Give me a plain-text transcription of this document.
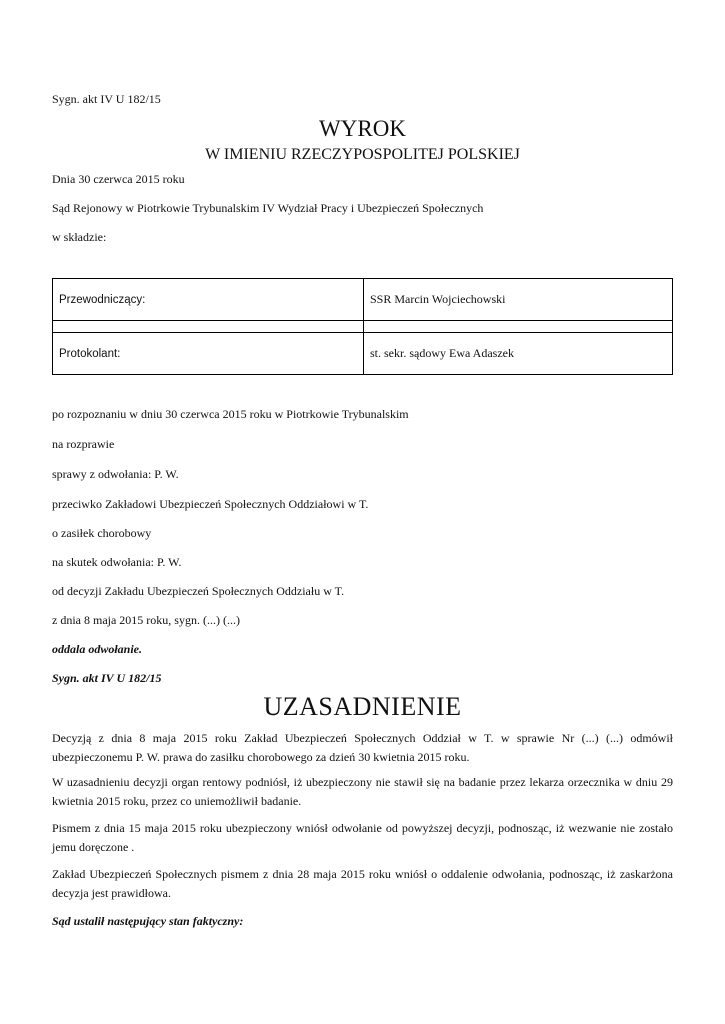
Sygn. akt IV U 182/15
WYROK
W IMIENIU RZECZYPOSPOLITEJ POLSKIEJ
Dnia 30 czerwca 2015 roku
Sąd Rejonowy w Piotrkowie Trybunalskim IV Wydział Pracy i Ubezpieczeń Społecznych
w składzie:
Przewodniczący:	SSR Marcin Wojciechowski

Protokolant:	st. sekr. sądowy Ewa Adaszek
po rozpoznaniu w dniu 30 czerwca 2015 roku w Piotrkowie Trybunalskim
na rozprawie
sprawy z odwołania: P. W.
przeciwko Zakładowi Ubezpieczeń Społecznych Oddziałowi w T.
o zasiłek chorobowy
na skutek odwołania: P. W.
od decyzji Zakładu Ubezpieczeń Społecznych Oddziału w T.
z dnia 8 maja 2015 roku, sygn. (...) (...)
oddala odwołanie.
Sygn. akt IV U 182/15
UZASADNIENIE
Decyzją z dnia 8 maja 2015 roku Zakład Ubezpieczeń Społecznych Oddział w T. w sprawie Nr (...) (...) odmówił ubezpieczonemu P. W. prawa do zasiłku chorobowego za dzień 30 kwietnia 2015 roku.
W uzasadnieniu decyzji organ rentowy podniósł, iż ubezpieczony nie stawił się na badanie przez lekarza orzecznika w dniu 29 kwietnia 2015 roku, przez co uniemożliwił badanie.
Pismem z dnia 15 maja 2015 roku ubezpieczony wniósł odwołanie od powyższej decyzji, podnosząc, iż wezwanie nie zostało jemu doręczone .
Zakład Ubezpieczeń Społecznych pismem z dnia 28 maja 2015 roku wniósł o oddalenie odwołania, podnosząc, iż zaskarżona decyzja jest prawidłowa.
Sąd ustalił następujący stan faktyczny:
